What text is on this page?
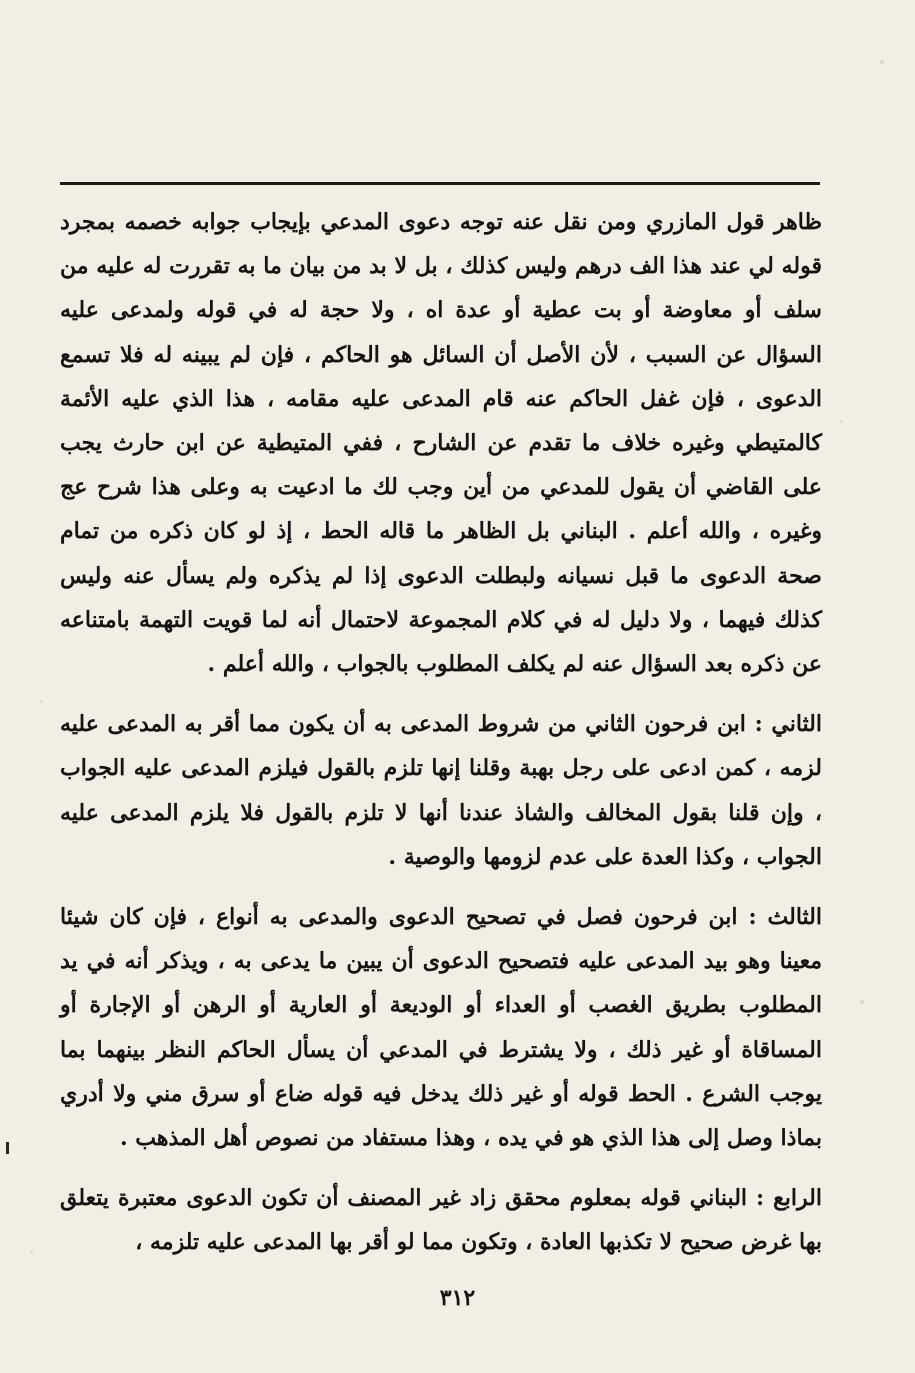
ظاهر قول المازري ومن نقل عنه توجه دعوى المدعي بإيجاب جوابه خصمه بمجرد قوله لي عند هذا الف درهم وليس كذلك ، بل لا بد من بيان ما به تقررت له عليه من سلف أو معاوضة أو بت عطية أو عدة اه ، ولا حجة له في قوله ولمدعى عليه السؤال عن السبب ، لأن الأصل أن السائل هو الحاكم ، فإن لم يبينه له فلا تسمع الدعوى ، فإن غفل الحاكم عنه قام المدعى عليه مقامه ، هذا الذي عليه الأئمة كالمتيطي وغيره خلاف ما تقدم عن الشارح ، ففي المتيطية عن ابن حارث يجب على القاضي أن يقول للمدعي من أين وجب لك ما ادعيت به وعلى هذا شرح عج وغيره ، والله أعلم . البناني بل الظاهر ما قاله الحط ، إذ لو كان ذكره من تمام صحة الدعوى ما قبل نسيانه ولبطلت الدعوى إذا لم يذكره ولم يسأل عنه وليس كذلك فيهما ، ولا دليل له في كلام المجموعة لاحتمال أنه لما قويت التهمة بامتناعه عن ذكره بعد السؤال عنه لم يكلف المطلوب بالجواب ، والله أعلم .

الثاني : ابن فرحون الثاني من شروط المدعى به أن يكون مما أقر به المدعى عليه لزمه ، كمن ادعى على رجل بهبة وقلنا إنها تلزم بالقول فيلزم المدعى عليه الجواب ، وإن قلنا بقول المخالف والشاذ عندنا أنها لا تلزم بالقول فلا يلزم المدعى عليه الجواب ، وكذا العدة على عدم لزومها والوصية .

الثالث : ابن فرحون فصل في تصحيح الدعوى والمدعى به أنواع ، فإن كان شيئا معينا وهو بيد المدعى عليه فتصحيح الدعوى أن يبين ما يدعى به ، ويذكر أنه في يد المطلوب بطريق الغصب أو العداء أو الوديعة أو العارية أو الرهن أو الإجارة أو المساقاة أو غير ذلك ، ولا يشترط في المدعي أن يسأل الحاكم النظر بينهما بما يوجب الشرع . الحط قوله أو غير ذلك يدخل فيه قوله ضاع أو سرق مني ولا أدري بماذا وصل إلى هذا الذي هو في يده ، وهذا مستفاد من نصوص أهل المذهب .

الرابع : البناني قوله بمعلوم محقق زاد غير المصنف أن تكون الدعوى معتبرة يتعلق بها غرض صحيح لا تكذبها العادة ، وتكون مما لو أقر بها المدعى عليه تلزمه ،

٣١٢
